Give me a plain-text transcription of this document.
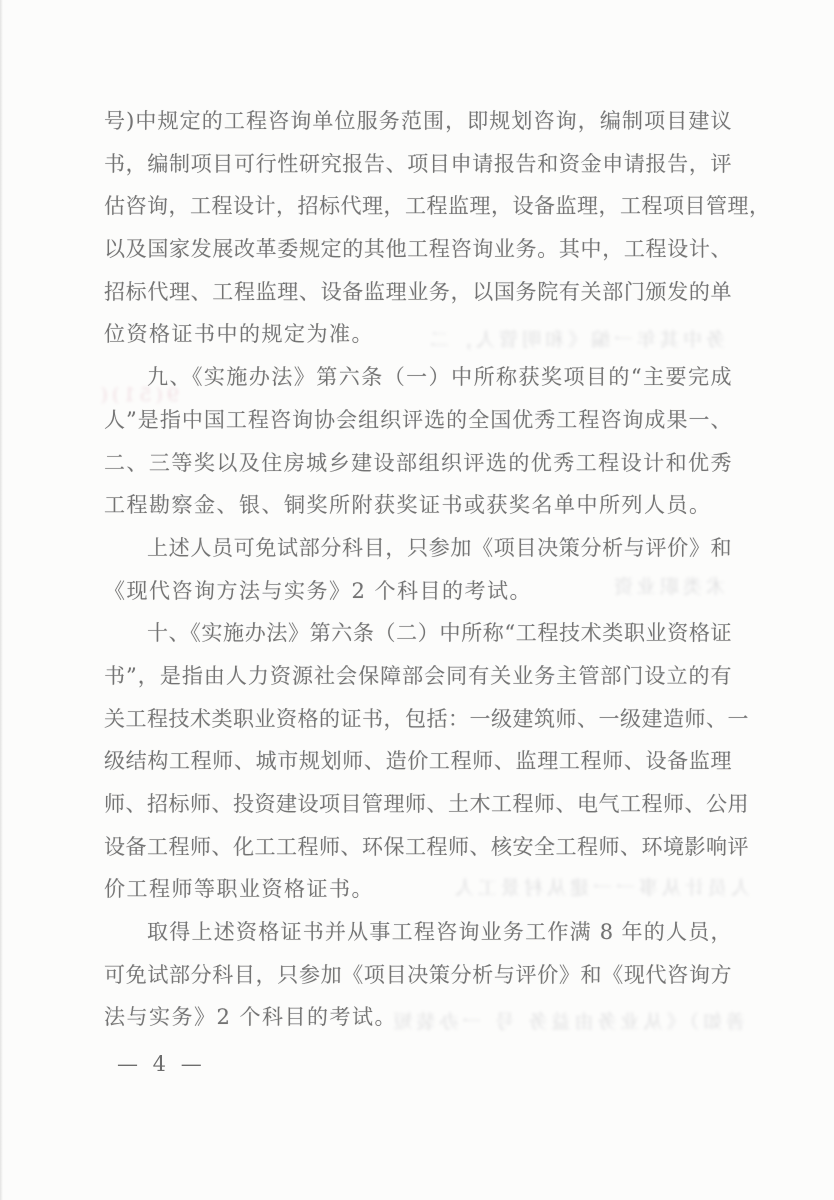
号)中规定的工程咨询单位服务范围，即规划咨询，编制项目建议
书，编制项目可行性研究报告、项目申请报告和资金申请报告，评
估咨询，工程设计，招标代理，工程监理，设备监理，工程项目管理，
以及国家发展改革委规定的其他工程咨询业务。其中，工程设计、
招标代理、工程监理、设备监理业务，以国务院有关部门颁发的单
位资格证书中的规定为准。
九、《实施办法》第六条（一）中所称获奖项目的“主要完成
人”是指中国工程咨询协会组织评选的全国优秀工程咨询成果一、
二、三等奖以及住房城乡建设部组织评选的优秀工程设计和优秀
工程勘察金、银、铜奖所附获奖证书或获奖名单中所列人员。
上述人员可免试部分科目，只参加《项目决策分析与评价》和
《现代咨询方法与实务》2 个科目的考试。
十、《实施办法》第六条（二）中所称“工程技术类职业资格证
书”，是指由人力资源社会保障部会同有关业务主管部门设立的有
关工程技术类职业资格的证书，包括：一级建筑师、一级建造师、一
级结构工程师、城市规划师、造价工程师、监理工程师、设备监理
师、招标师、投资建设项目管理师、土木工程师、电气工程师、公用
设备工程师、化工工程师、环保工程师、核安全工程师、环境影响评
价工程师等职业资格证书。
取得上述资格证书并从事工程咨询业务工作满 8 年的人员，
可免试部分科目，只参加《项目决策分析与评价》和《现代咨询方
法与实务》2 个科目的考试。
— 4 —
务中其年一编《和明管人，二
9(51)(
术类职业资
人员计从事一一建从村景工人
善如）《从业务由益务 号 一办装短
